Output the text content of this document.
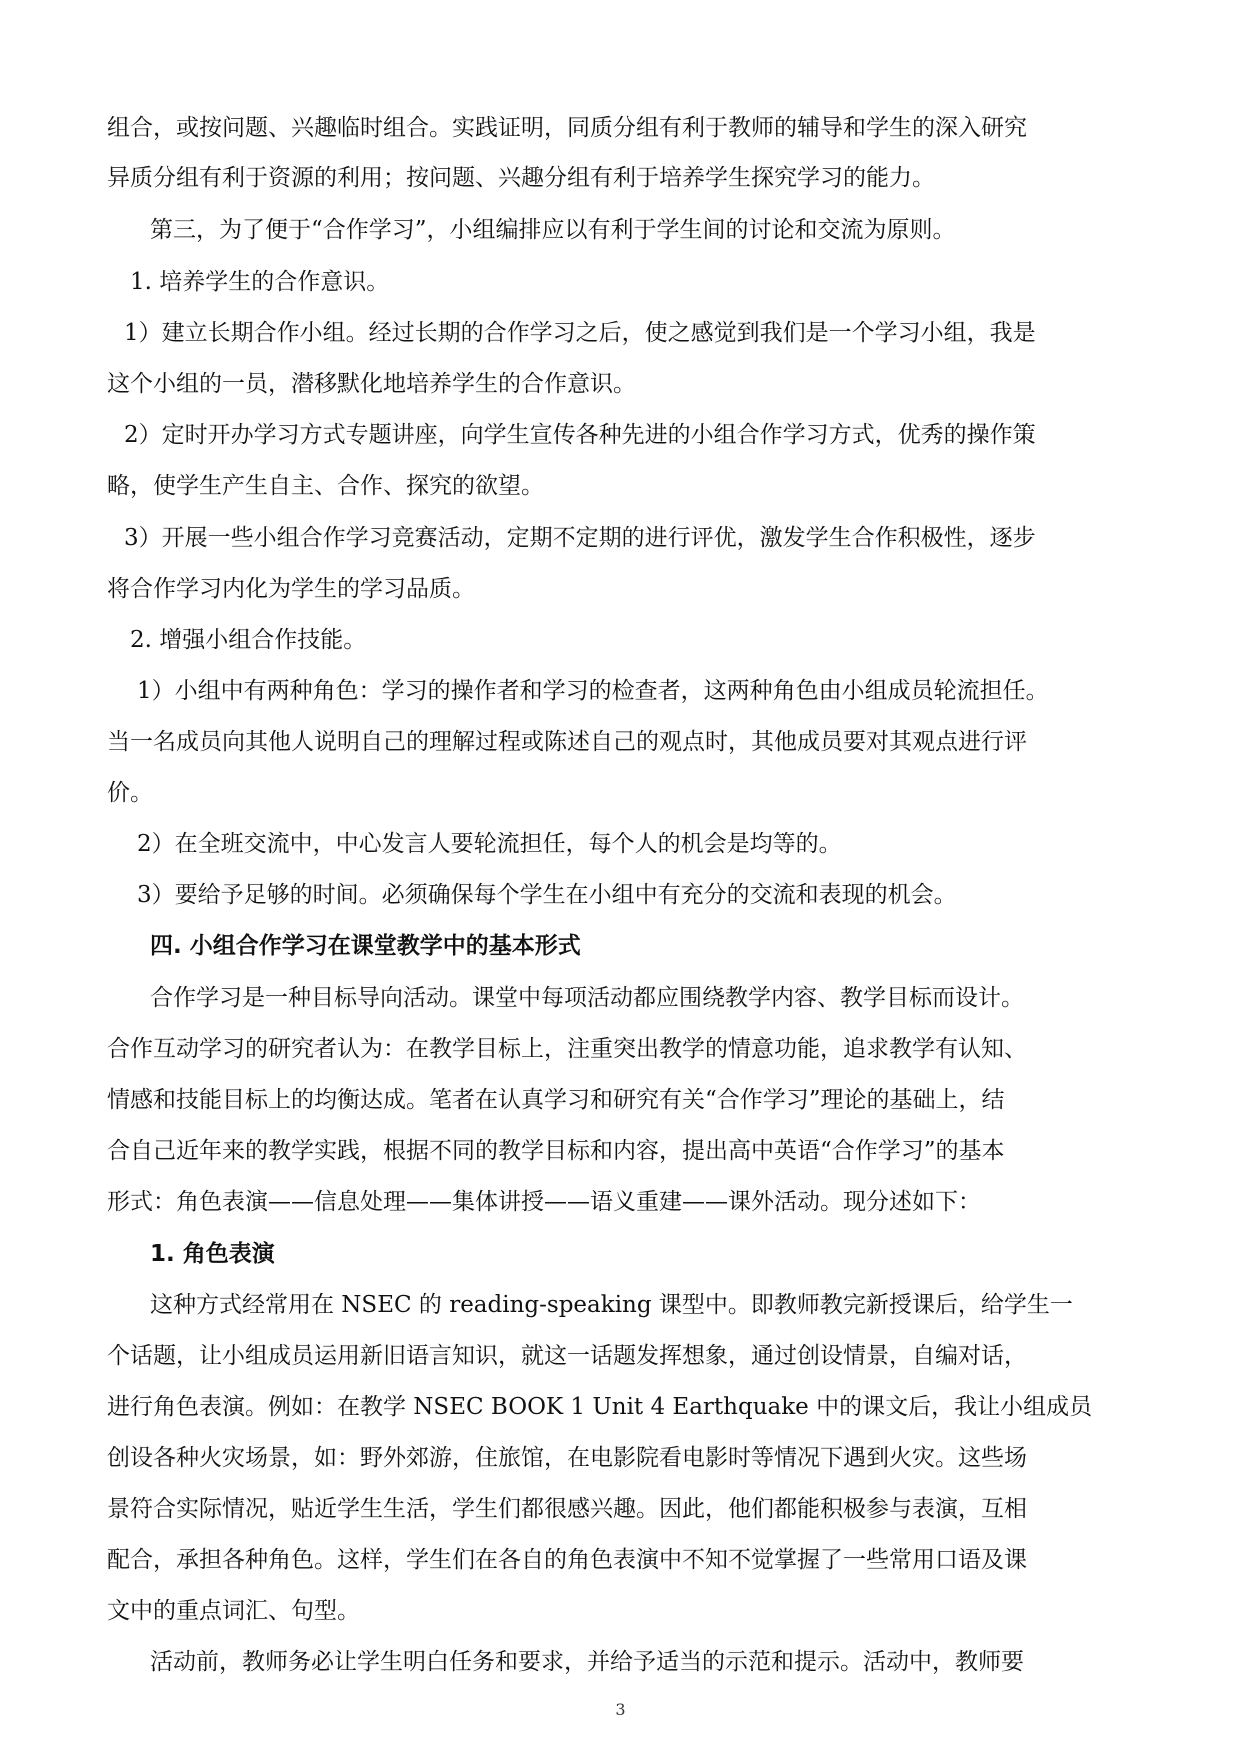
组合，或按问题、兴趣临时组合。实践证明，同质分组有利于教师的辅导和学生的深入研究
异质分组有利于资源的利用；按问题、兴趣分组有利于培养学生探究学习的能力。
第三，为了便于“合作学习”，小组编排应以有利于学生间的讨论和交流为原则。
1. 培养学生的合作意识。
1）建立长期合作小组。经过长期的合作学习之后，使之感觉到我们是一个学习小组，我是
这个小组的一员，潜移默化地培养学生的合作意识。
2）定时开办学习方式专题讲座，向学生宣传各种先进的小组合作学习方式，优秀的操作策
略，使学生产生自主、合作、探究的欲望。
3）开展一些小组合作学习竞赛活动，定期不定期的进行评优，激发学生合作积极性，逐步
将合作学习内化为学生的学习品质。
2. 增强小组合作技能。
1）小组中有两种角色：学习的操作者和学习的检查者，这两种角色由小组成员轮流担任。
当一名成员向其他人说明自己的理解过程或陈述自己的观点时，其他成员要对其观点进行评
价。
2）在全班交流中，中心发言人要轮流担任，每个人的机会是均等的。
3）要给予足够的时间。必须确保每个学生在小组中有充分的交流和表现的机会。
四. 小组合作学习在课堂教学中的基本形式
合作学习是一种目标导向活动。课堂中每项活动都应围绕教学内容、教学目标而设计。
合作互动学习的研究者认为：在教学目标上，注重突出教学的情意功能，追求教学有认知、
情感和技能目标上的均衡达成。笔者在认真学习和研究有关“合作学习”理论的基础上，结
合自己近年来的教学实践，根据不同的教学目标和内容，提出高中英语“合作学习”的基本
形式：角色表演——信息处理——集体讲授——语义重建——课外活动。现分述如下：
1. 角色表演
这种方式经常用在 NSEC 的 reading-speaking 课型中。即教师教完新授课后，给学生一
个话题，让小组成员运用新旧语言知识，就这一话题发挥想象，通过创设情景，自编对话，
进行角色表演。例如：在教学 NSEC BOOK 1 Unit 4 Earthquake 中的课文后，我让小组成员
创设各种火灾场景，如：野外郊游，住旅馆，在电影院看电影时等情况下遇到火灾。这些场
景符合实际情况，贴近学生生活，学生们都很感兴趣。因此，他们都能积极参与表演，互相
配合，承担各种角色。这样，学生们在各自的角色表演中不知不觉掌握了一些常用口语及课
文中的重点词汇、句型。
活动前，教师务必让学生明白任务和要求，并给予适当的示范和提示。活动中，教师要
3
